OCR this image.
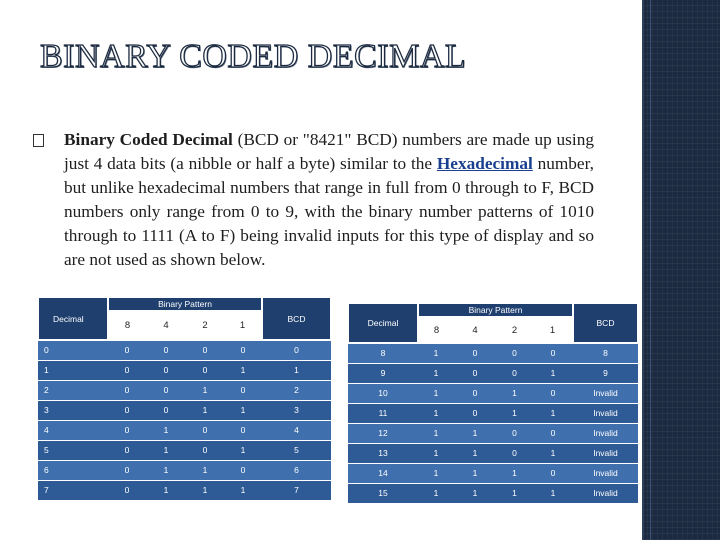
BINARY CODED DECIMAL

Binary Coded Decimal (BCD or "8421" BCD) numbers are made up using just 4 data bits (a nibble or half a byte) similar to the Hexadecimal number, but unlike hexadecimal numbers that range in full from 0 through to F, BCD numbers only range from 0 to 9, with the binary number patterns of 1010 through to 1111 (A to F) being invalid inputs for this type of display and so are not used as shown below.

Decimal	Binary Pattern				BCD
	8	4	2	1	
0	0	0	0	0	0
1	0	0	0	1	1
2	0	0	1	0	2
3	0	0	1	1	3
4	0	1	0	0	4
5	0	1	0	1	5
6	0	1	1	0	6
7	0	1	1	1	7
Decimal	Binary Pattern				BCD
	8	4	2	1	
8	1	0	0	0	8
9	1	0	0	1	9
10	1	0	1	0	Invalid
11	1	0	1	1	Invalid
12	1	1	0	0	Invalid
13	1	1	0	1	Invalid
14	1	1	1	0	Invalid
15	1	1	1	1	Invalid
